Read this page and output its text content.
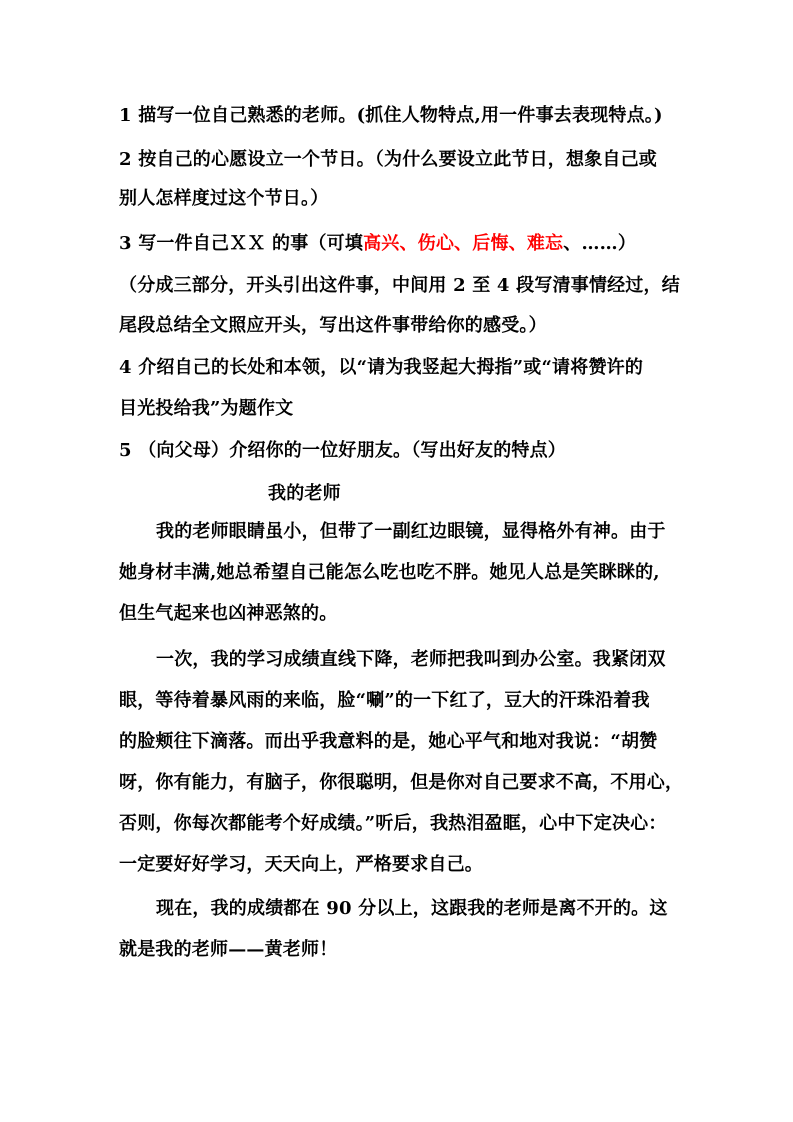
1 描写一位自己熟悉的老师。(抓住人物特点,用一件事去表现特点。)
2 按自己的心愿设立一个节日。（为什么要设立此节日，想象自己或
别人怎样度过这个节日。）
3 写一件自己ＸＸ 的事（可填高兴、伤心、后悔、难忘、……）
（分成三部分，开头引出这件事，中间用 2 至 4 段写清事情经过，结
尾段总结全文照应开头，写出这件事带给你的感受。）
4 介绍自己的长处和本领，以“请为我竖起大拇指”或“请将赞许的
目光投给我”为题作文
5 （向父母）介绍你的一位好朋友。（写出好友的特点）
我的老师
我的老师眼睛虽小，但带了一副红边眼镜，显得格外有神。由于
她身材丰满,她总希望自己能怎么吃也吃不胖。她见人总是笑眯眯的,
但生气起来也凶神恶煞的。
一次，我的学习成绩直线下降，老师把我叫到办公室。我紧闭双
眼，等待着暴风雨的来临，脸“唰”的一下红了，豆大的汗珠沿着我
的脸颊往下滴落。而出乎我意料的是，她心平气和地对我说：“胡赞
呀，你有能力，有脑子，你很聪明，但是你对自己要求不高，不用心，
否则，你每次都能考个好成绩。”听后，我热泪盈眶，心中下定决心：
一定要好好学习，天天向上，严格要求自己。
现在，我的成绩都在 90 分以上，这跟我的老师是离不开的。这
就是我的老师——黄老师！
